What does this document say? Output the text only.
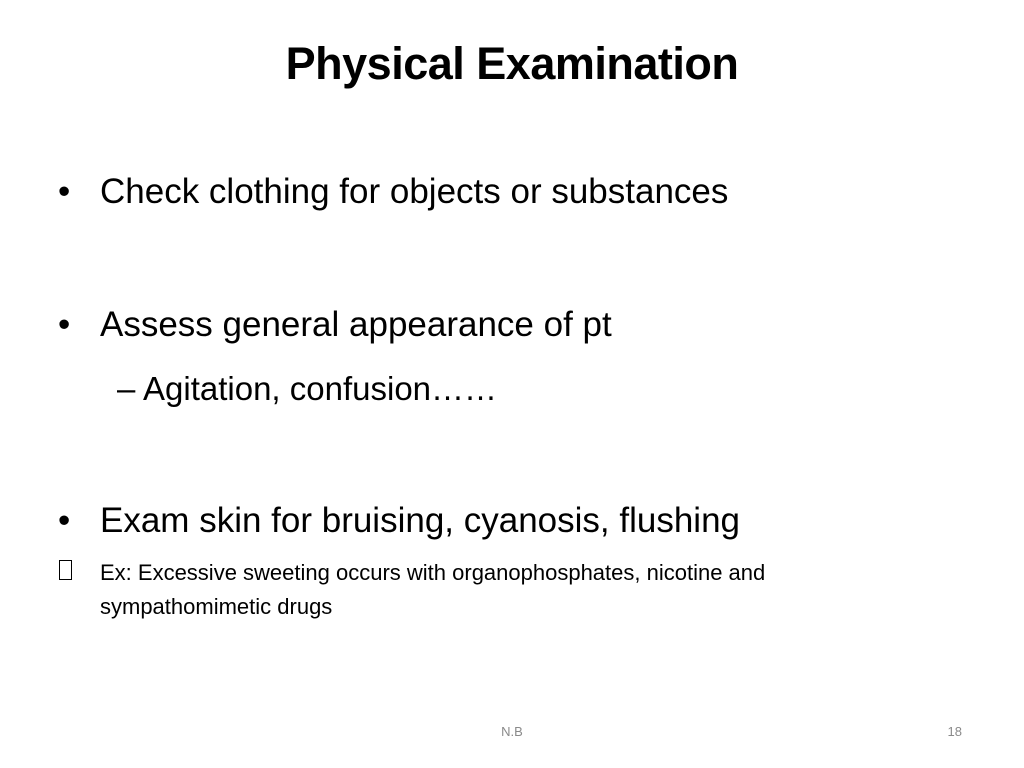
Physical Examination
• Check clothing for objects or substances
• Assess general appearance of pt
– Agitation, confusion……
• Exam skin for bruising, cyanosis, flushing
Ex: Excessive sweeting occurs with organophosphates, nicotine and sympathomimetic drugs
N.B	18
